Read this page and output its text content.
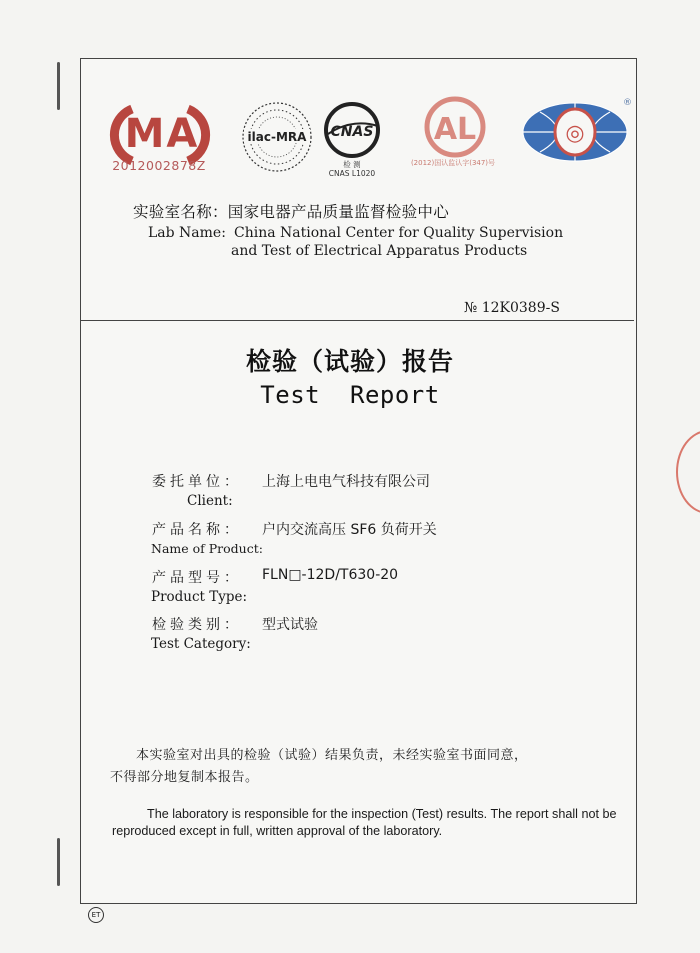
MA
2012002878Z
ilac-MRA CNAS
检 测
CNAS L1020
AL
(2012)国认监认字(347)号
◎
®
实验室名称：国家电器产品质量监督检验中心
Lab Name: China National Center for Quality Supervision
and Test of Electrical Apparatus Products
№ 12K0389-S
检验（试验）报告
Test  Report
委托单位： 上海上电电气科技有限公司
Client:
产品名称： 户内交流高压 SF6 负荷开关
Name of Product:
产品型号： FLN□-12D/T630-20
Product Type:
检验类别： 型式试验
Test Category:
本实验室对出具的检验（试验）结果负责，未经实验室书面同意，
不得部分地复制本报告。
The laboratory is responsible for the inspection (Test) results. The report shall not be reproduced except in full, written approval of the laboratory.
ET
